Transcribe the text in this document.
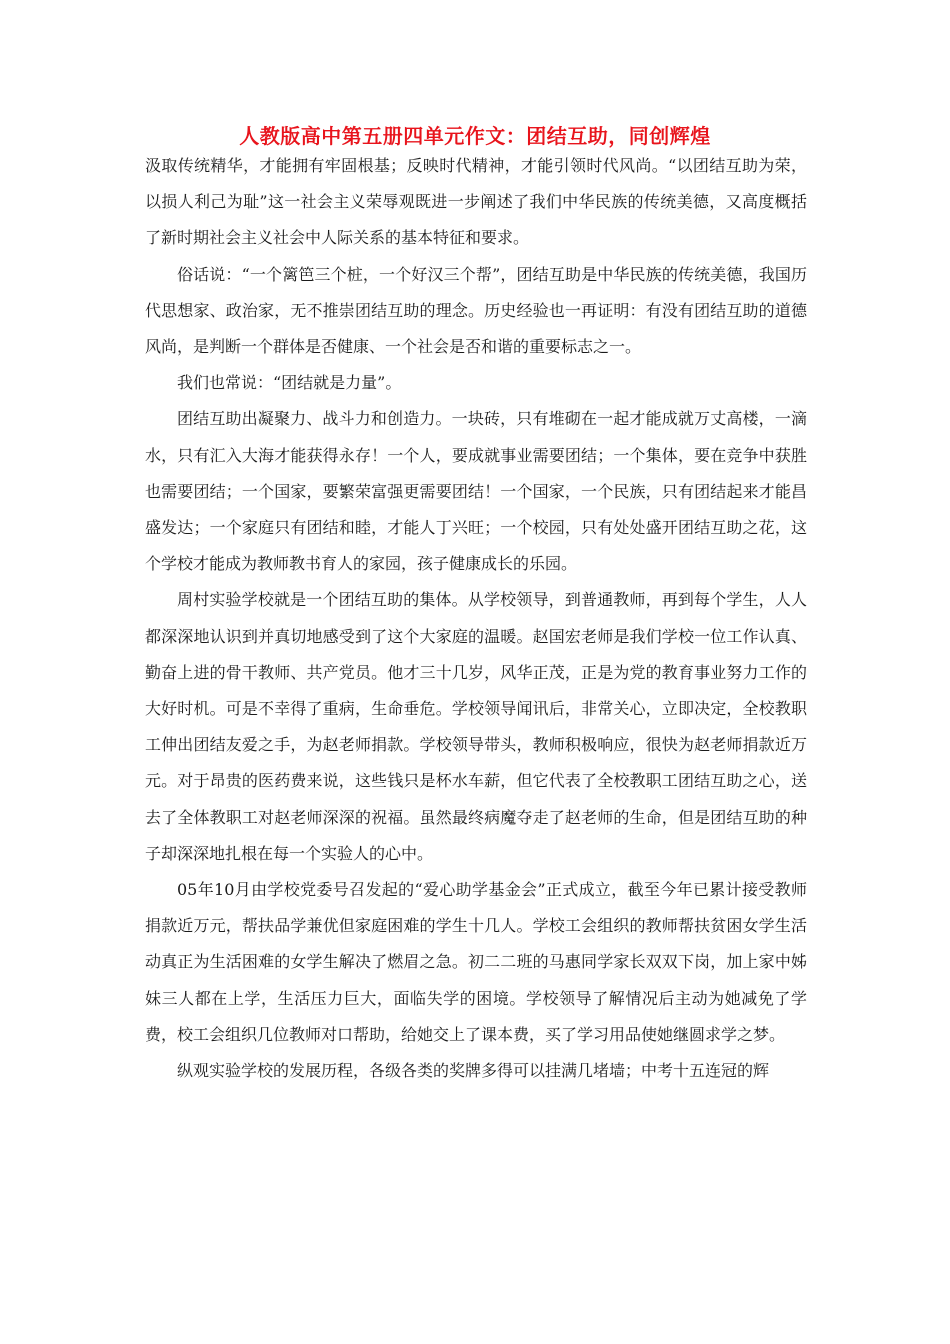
人教版高中第五册四单元作文：团结互助，同创辉煌

汲取传统精华，才能拥有牢固根基；反映时代精神，才能引领时代风尚。“以团结互助为荣，以损人利己为耻”这一社会主义荣辱观既进一步阐述了我们中华民族的传统美德，又高度概括了新时期社会主义社会中人际关系的基本特征和要求。

俗话说：“一个篱笆三个桩，一个好汉三个帮”，团结互助是中华民族的传统美德，我国历代思想家、政治家，无不推崇团结互助的理念。历史经验也一再证明：有没有团结互助的道德风尚，是判断一个群体是否健康、一个社会是否和谐的重要标志之一。

我们也常说：“团结就是力量”。

团结互助出凝聚力、战斗力和创造力。一块砖，只有堆砌在一起才能成就万丈高楼，一滴水，只有汇入大海才能获得永存！一个人，要成就事业需要团结；一个集体，要在竞争中获胜也需要团结；一个国家，要繁荣富强更需要团结！一个国家，一个民族，只有团结起来才能昌盛发达；一个家庭只有团结和睦，才能人丁兴旺；一个校园，只有处处盛开团结互助之花，这个学校才能成为教师教书育人的家园，孩子健康成长的乐园。

周村实验学校就是一个团结互助的集体。从学校领导，到普通教师，再到每个学生，人人都深深地认识到并真切地感受到了这个大家庭的温暖。赵国宏老师是我们学校一位工作认真、勤奋上进的骨干教师、共产党员。他才三十几岁，风华正茂，正是为党的教育事业努力工作的大好时机。可是不幸得了重病，生命垂危。学校领导闻讯后，非常关心，立即决定，全校教职工伸出团结友爱之手，为赵老师捐款。学校领导带头，教师积极响应，很快为赵老师捐款近万元。对于昂贵的医药费来说，这些钱只是杯水车薪，但它代表了全校教职工团结互助之心，送去了全体教职工对赵老师深深的祝福。虽然最终病魔夺走了赵老师的生命，但是团结互助的种子却深深地扎根在每一个实验人的心中。

05年10月由学校党委号召发起的“爱心助学基金会”正式成立，截至今年已累计接受教师捐款近万元，帮扶品学兼优但家庭困难的学生十几人。学校工会组织的教师帮扶贫困女学生活动真正为生活困难的女学生解决了燃眉之急。初二二班的马惠同学家长双双下岗，加上家中姊妹三人都在上学，生活压力巨大，面临失学的困境。学校领导了解情况后主动为她减免了学费，校工会组织几位教师对口帮助，给她交上了课本费，买了学习用品使她继圆求学之梦。

纵观实验学校的发展历程，各级各类的奖牌多得可以挂满几堵墙；中考十五连冠的辉
